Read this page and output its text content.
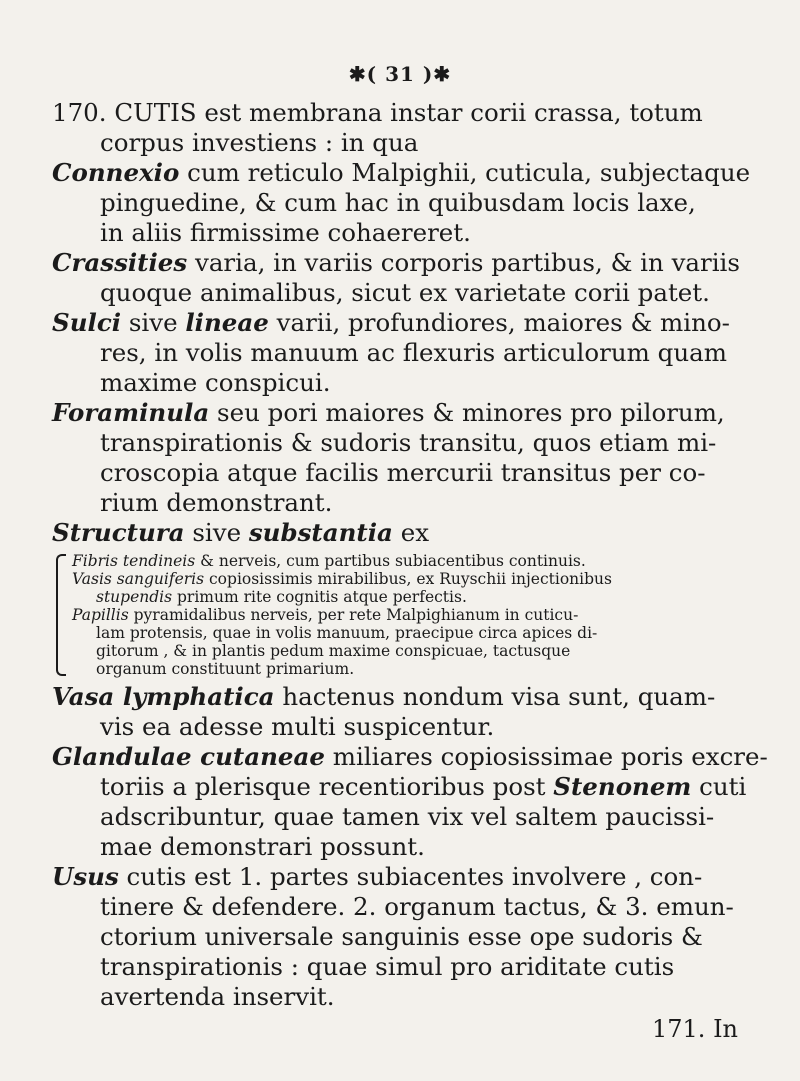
✱( 31 )✱
170. CUTIS est membrana instar corii crassa, totum
corpus investiens : in qua
Connexio cum reticulo Malpighii, cuticula, subjectaque
pinguedine, & cum hac in quibusdam locis laxe,
in aliis firmissime cohaereret.
Crassities varia, in variis corporis partibus, & in variis
quoque animalibus, sicut ex varietate corii patet.
Sulci sive lineae varii, profundiores, maiores & mino-
res, in volis manuum ac flexuris articulorum quam
maxime conspicui.
Foraminula seu pori maiores & minores pro pilorum,
transpirationis & sudoris transitu, quos etiam mi-
croscopia atque facilis mercurii transitus per co-
rium demonstrant.
Structura sive substantia ex
Fibris tendineis & nerveis, cum partibus subiacentibus continuis.
Vasis sanguiferis copiosissimis mirabilibus, ex Ruyschii injectionibus
stupendis primum rite cognitis atque perfectis.
Papillis pyramidalibus nerveis, per rete Malpighianum in cuticu-
lam protensis, quae in volis manuum, praecipue circa apices di-
gitorum , & in plantis pedum maxime conspicuae, tactusque
organum constituunt primarium.
Vasa lymphatica hactenus nondum visa sunt, quam-
vis ea adesse multi suspicentur.
Glandulae cutaneae miliares copiosissimae poris excre-
toriis a plerisque recentioribus post Stenonem cuti
adscribuntur, quae tamen vix vel saltem paucissi-
mae demonstrari possunt.
Usus cutis est 1. partes subiacentes involvere , con-
tinere & defendere. 2. organum tactus, & 3. emun-
ctorium universale sanguinis esse ope sudoris &
transpirationis : quae simul pro ariditate cutis
avertenda inservit.
171. In
